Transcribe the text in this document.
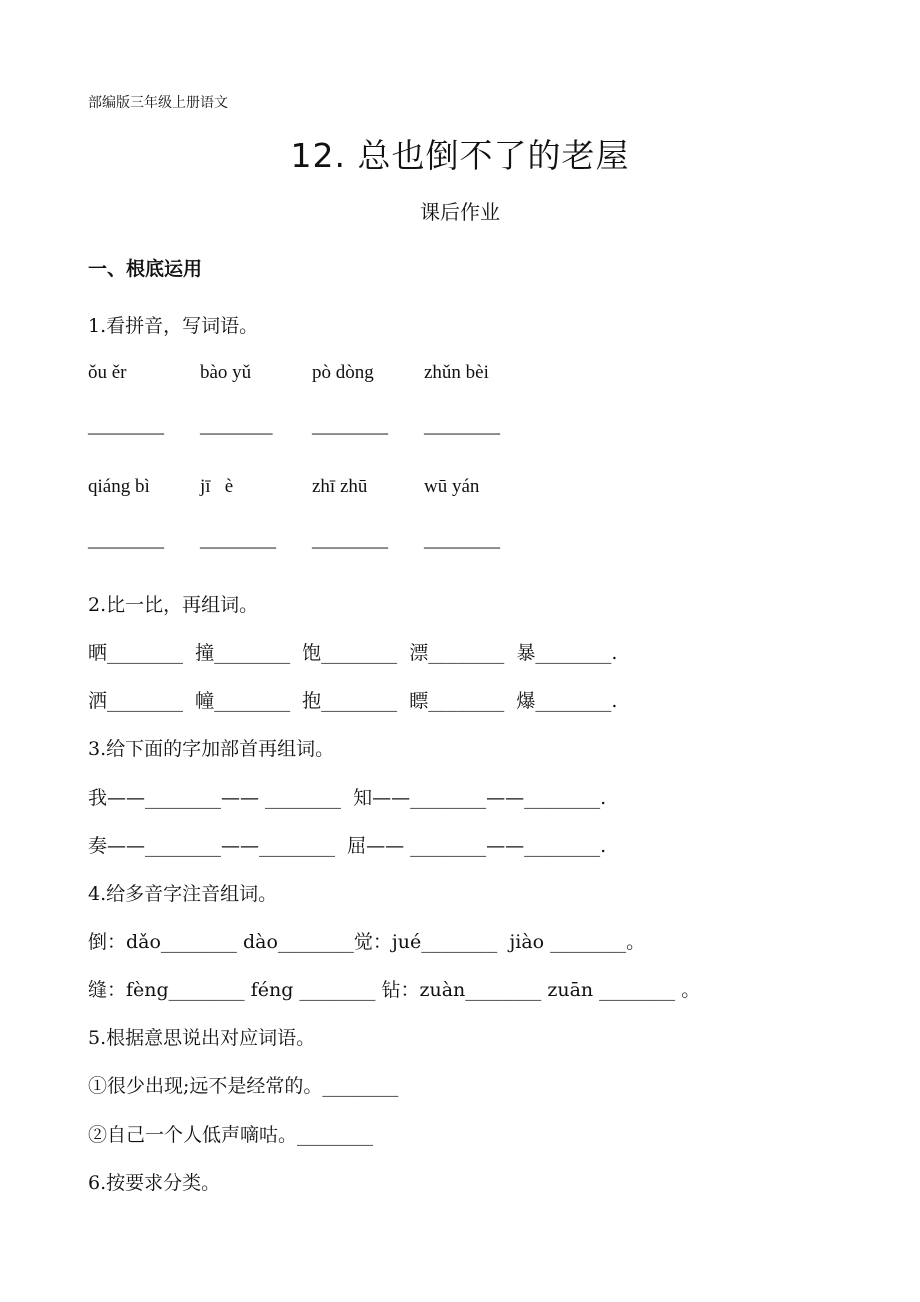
部编版三年级上册语文
12. 总也倒不了的老屋
课后作业
一、根底运用
1.看拼音，写词语。
ǒu ěr	bào yǔ	pò dòng	zhǔn bèi
________ ________ ________ ________
qiáng bì	jī   è	zhī zhū	wū yán
________ ________ ________ ________
2.比一比，再组词。
晒________  撞________  饱________  漂________  暴________.
洒________  幢________  抱________  瞟________  爆________.
3.给下面的字加部首再组词。
我——________—— ________  知——________——________.
奏——________——________  屈—— ________——________.
4.给多音字注音组词。
倒：dǎo________ dào________觉：jué________  jiào ________。
缝：fèng________ féng ________ 钻：zuàn________ zuān ________ 。
5.根据意思说出对应词语。
①很少出现;远不是经常的。________
②自己一个人低声嘀咕。________
6.按要求分类。
